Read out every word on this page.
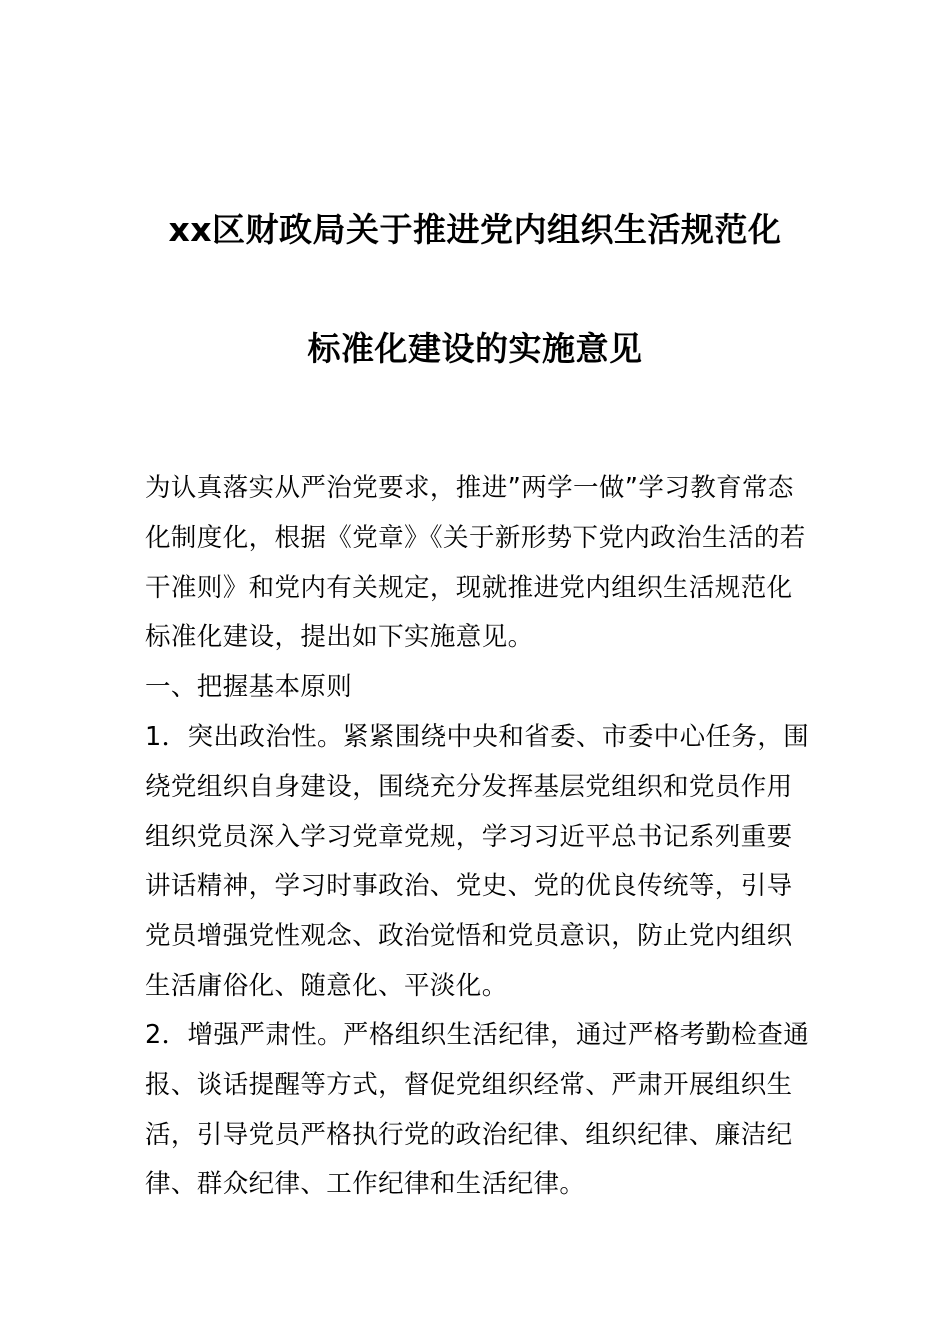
xx区财政局关于推进党内组织生活规范化
标准化建设的实施意见
为认真落实从严治党要求，推进”两学一做”学习教育常态化制度化，根据《党章》《关于新形势下党内政治生活的若干准则》和党内有关规定，现就推进党内组织生活规范化标准化建设，提出如下实施意见。
一、把握基本原则
1．突出政治性。紧紧围绕中央和省委、市委中心任务，围绕党组织自身建设，围绕充分发挥基层党组织和党员作用组织党员深入学习党章党规，学习习近平总书记系列重要讲话精神，学习时事政治、党史、党的优良传统等，引导党员增强党性观念、政治觉悟和党员意识，防止党内组织生活庸俗化、随意化、平淡化。
2．增强严肃性。严格组织生活纪律，通过严格考勤检查通报、谈话提醒等方式，督促党组织经常、严肃开展组织生活，引导党员严格执行党的政治纪律、组织纪律、廉洁纪律、群众纪律、工作纪律和生活纪律。
